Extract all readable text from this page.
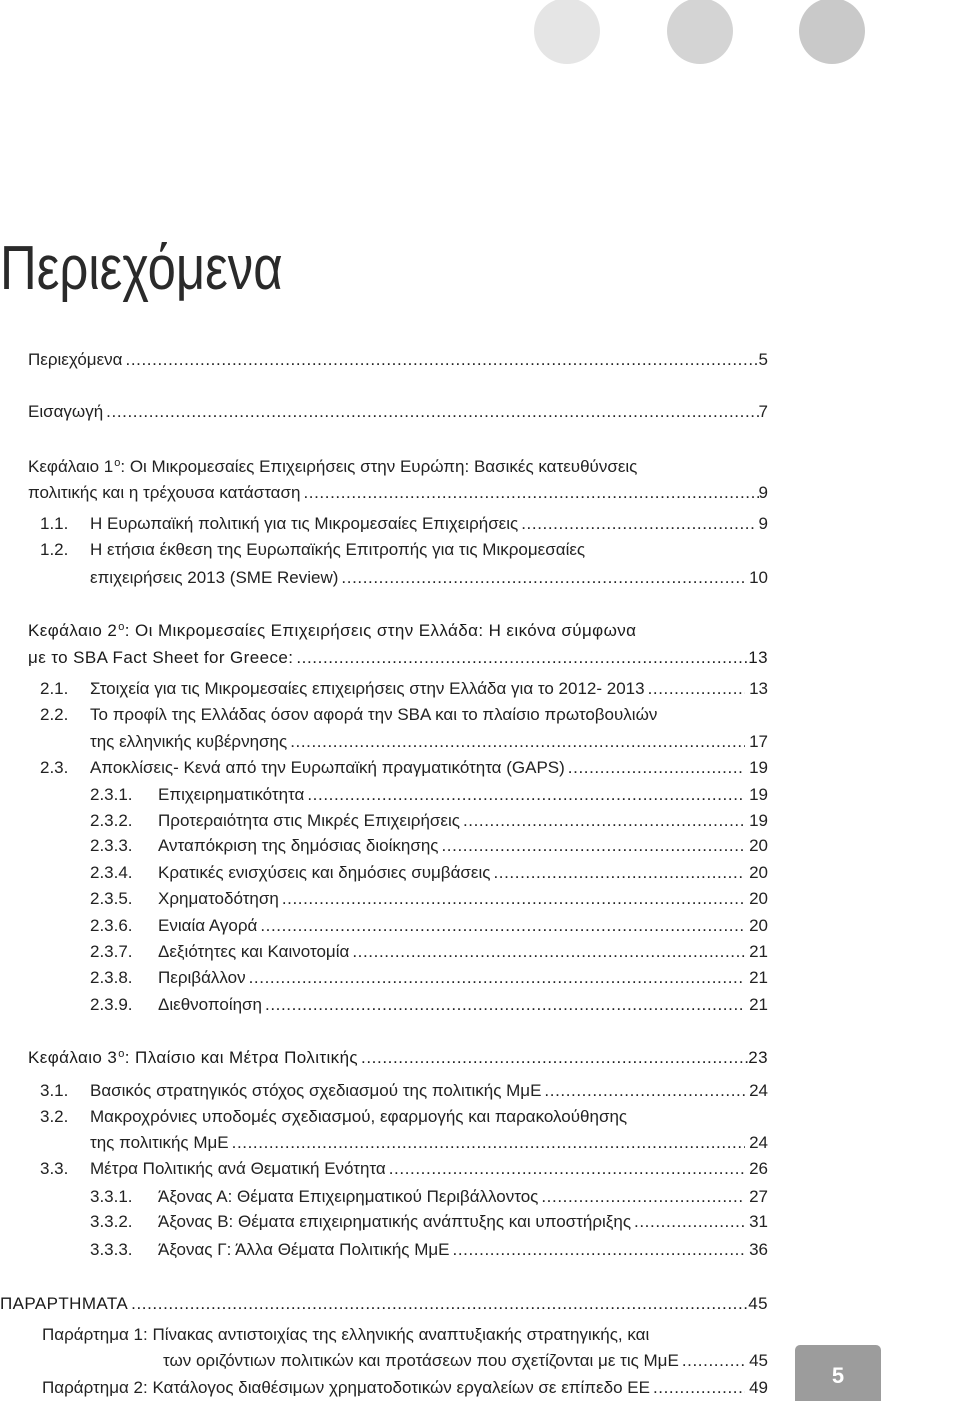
Περιεχόμενα
Περιεχόμενα .....	5
Εισαγωγή .....	7
Κεφάλαιο $1^o$: Οι Μικρομεσαίες Επιχειρήσεις στην Ευρώπη: Βασικές κατευθύνσεις
πολιτικής και η τρέχουσα κατάσταση .....	9
1.1.	Η Ευρωπαϊκή πολιτική για τις Μικρομεσαίες Επιχειρήσεις .....	9
1.2. Η ετήσια έκθεση της Ευρωπαϊκής Επιτροπής για τις Μικρομεσαίες
επιχειρήσεις 2013 (SME Review) .....	10
Κεφάλαιο $2^o$: Οι Μικρομεσαίες Επιχειρήσεις στην Ελλάδα: Η εικόνα σύμφωνα
με το SBA Fact Sheet for Greece: .....	13
2.1.	Στοιχεία για τις Μικρομεσαίες επιχειρήσεις στην Ελλάδα για το 2012- 2013 .....	13
2.2. Το προφίλ της Ελλάδας όσον αφορά την SBA και το πλαίσιο πρωτοβουλιών
της ελληνικής κυβέρνησης .....	17
2.3.	Αποκλίσεις- Κενά από την Ευρωπαϊκή πραγματικότητα (GAPS) .....	19
2.3.1.	Επιχειρηματικότητα .....	19
2.3.2.	Προτεραιότητα στις Μικρές Επιχειρήσεις .....	19
2.3.3.	Ανταπόκριση της δημόσιας διοίκησης .....	20
2.3.4.	Κρατικές ενισχύσεις και δημόσιες συμβάσεις .....	20
2.3.5.	Χρηματοδότηση .....	20
2.3.6.	Ενιαία Αγορά .....	20
2.3.7.	Δεξιότητες και Καινοτομία .....	21
2.3.8.	Περιβάλλον .....	21
2.3.9.	Διεθνοποίηση .....	21
Κεφάλαιο $3^o$: Πλαίσιο και Μέτρα Πολιτικής .....	23
3.1.	Βασικός στρατηγικός στόχος σχεδιασμού της πολιτικής ΜμΕ .....	24
3.2. Μακροχρόνιες υποδομές σχεδιασμού, εφαρμογής και παρακολούθησης
της πολιτικής ΜμΕ .....	24
3.3.	Μέτρα Πολιτικής ανά Θεματική Ενότητα .....	26
3.3.1.	Άξονας Α: Θέματα Επιχειρηματικού Περιβάλλοντος .....	27
3.3.2.	Άξονας Β: Θέματα επιχειρηματικής ανάπτυξης και υποστήριξης .....	31
3.3.3.	Άξονας Γ: Άλλα Θέματα Πολιτικής ΜμΕ .....	36
ΠΑΡΑΡΤΗΜΑΤΑ .....	45
Παράρτημα 1: Πίνακας αντιστοιχίας της ελληνικής αναπτυξιακής στρατηγικής, και
των οριζόντιων πολιτικών και προτάσεων που σχετίζονται με τις ΜμΕ .....	45
Παράρτημα 2: Κατάλογος διαθέσιμων χρηματοδοτικών εργαλείων σε επίπεδο ΕΕ .....	49	5
